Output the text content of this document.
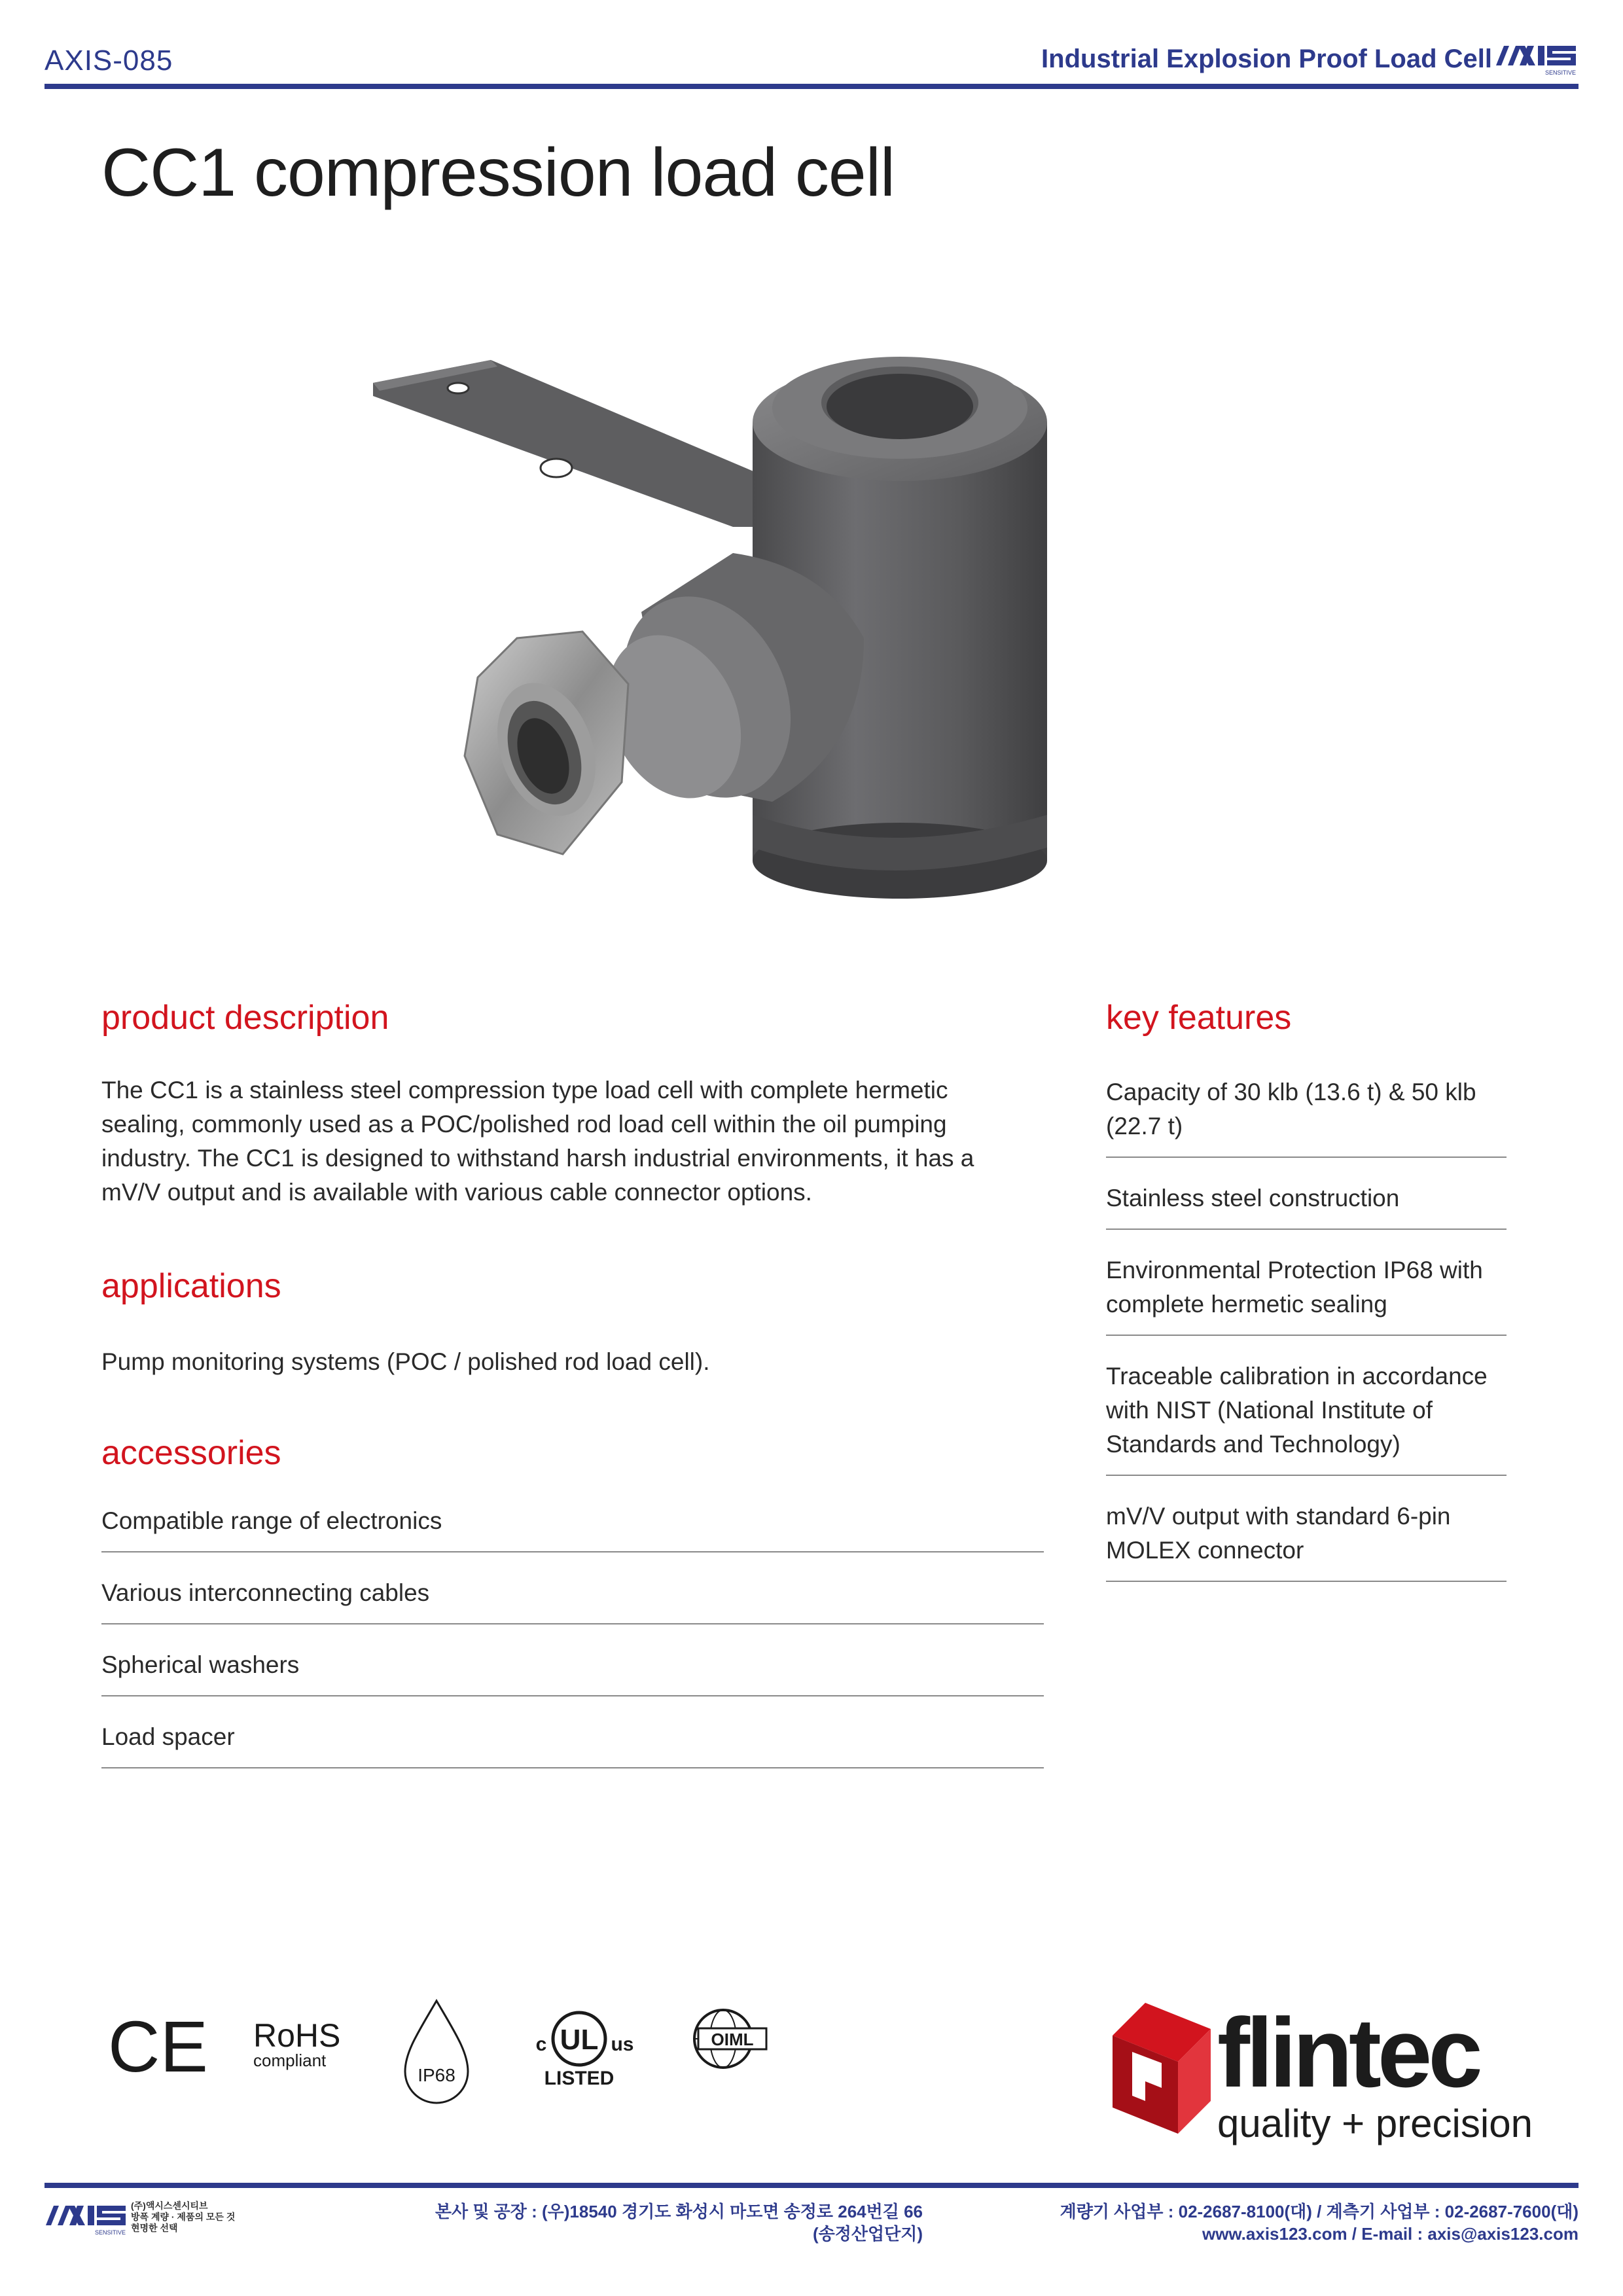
AXIS-085	Industrial Explosion Proof Load Cell	SENSITIVE
CC1 compression load cell
product description
The CC1 is a stainless steel compression type load cell with complete hermetic sealing, commonly used as a POC/polished rod load cell within the oil pumping industry. The CC1 is designed to withstand harsh industrial environments, it has a mV/V output and is available with various cable connector options.
applications
Pump monitoring systems (POC / polished rod load cell).
accessories
Compatible range of electronics
Various interconnecting cables
Spherical washers
Load spacer
key features
Capacity of 30 klb (13.6 t) & 50 klb (22.7 t)
Stainless steel construction
Environmental Protection IP68 with complete hermetic sealing
Traceable calibration in accordance with NIST (National Institute of Standards and Technology)
mV/V output with standard 6-pin MOLEX connector
CE RoHS
compliant
IP68
UL
c	us
LISTED
OIML	flintec
quality + precision
SENSITIVE
(주)액시스센시티브
방폭 계량 · 제품의 모든 것
현명한 선택
본사 및 공장 : (우)18540 경기도 화성시 마도면 송정로 264번길 66
(송정산업단지)
계량기 사업부 : 02-2687-8100(대) / 계측기 사업부 : 02-2687-7600(대)
www.axis123.com / E-mail : axis@axis123.com
